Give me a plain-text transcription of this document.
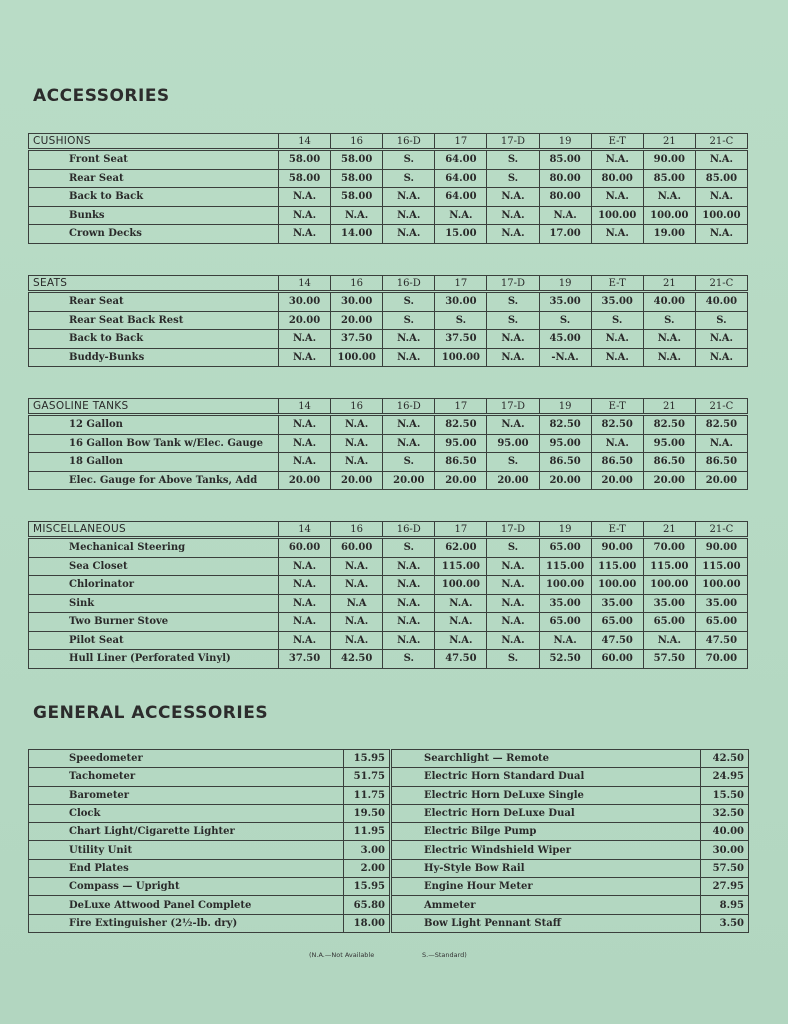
ACCESSORIES
CUSHIONS	14	16	16-D	17	17-D	19	E-T	21	21-C
Front Seat	58.00	58.00	S.	64.00	S.	85.00	N.A.	90.00	N.A.
Rear Seat	58.00	58.00	S.	64.00	S.	80.00	80.00	85.00	85.00
Back to Back	N.A.	58.00	N.A.	64.00	N.A.	80.00	N.A.	N.A.	N.A.
Bunks	N.A.	N.A.	N.A.	N.A.	N.A.	N.A.	100.00	100.00	100.00
Crown Decks	N.A.	14.00	N.A.	15.00	N.A.	17.00	N.A.	19.00	N.A.
SEATS	14	16	16-D	17	17-D	19	E-T	21	21-C
Rear Seat	30.00	30.00	S.	30.00	S.	35.00	35.00	40.00	40.00
Rear Seat Back Rest	20.00	20.00	S.	S.	S.	S.	S.	S.	S.
Back to Back	N.A.	37.50	N.A.	37.50	N.A.	45.00	N.A.	N.A.	N.A.
Buddy-Bunks	N.A.	100.00	N.A.	100.00	N.A.	-N.A.	N.A.	N.A.	N.A.
GASOLINE TANKS	14	16	16-D	17	17-D	19	E-T	21	21-C
12 Gallon	N.A.	N.A.	N.A.	82.50	N.A.	82.50	82.50	82.50	82.50
16 Gallon Bow Tank w/Elec. Gauge	N.A.	N.A.	N.A.	95.00	95.00	95.00	N.A.	95.00	N.A.
18 Gallon	N.A.	N.A.	S.	86.50	S.	86.50	86.50	86.50	86.50
Elec. Gauge for Above Tanks, Add	20.00	20.00	20.00	20.00	20.00	20.00	20.00	20.00	20.00
MISCELLANEOUS	14	16	16-D	17	17-D	19	E-T	21	21-C
Mechanical Steering	60.00	60.00	S.	62.00	S.	65.00	90.00	70.00	90.00
Sea Closet	N.A.	N.A.	N.A.	115.00	N.A.	115.00	115.00	115.00	115.00
Chlorinator	N.A.	N.A.	N.A.	100.00	N.A.	100.00	100.00	100.00	100.00
Sink	N.A.	N.A	N.A.	N.A.	N.A.	35.00	35.00	35.00	35.00
Two Burner Stove	N.A.	N.A.	N.A.	N.A.	N.A.	65.00	65.00	65.00	65.00
Pilot Seat	N.A.	N.A.	N.A.	N.A.	N.A.	N.A.	47.50	N.A.	47.50
Hull Liner (Perforated Vinyl)	37.50	42.50	S.	47.50	S.	52.50	60.00	57.50	70.00
GENERAL ACCESSORIES
Speedometer	15.95	Searchlight — Remote	42.50
Tachometer	51.75	Electric Horn Standard Dual	24.95
Barometer	11.75	Electric Horn DeLuxe Single	15.50
Clock	19.50	Electric Horn DeLuxe Dual	32.50
Chart Light/Cigarette Lighter	11.95	Electric Bilge Pump	40.00
Utility Unit	3.00	Electric Windshield Wiper	30.00
End Plates	2.00	Hy-Style Bow Rail	57.50
Compass — Upright	15.95	Engine Hour Meter	27.95
DeLuxe Attwood Panel Complete	65.80	Ammeter	8.95
Fire Extinguisher (2½-lb. dry)	18.00	Bow Light Pennant Staff	3.50
(N.A.—Not Available	S.—Standard)
